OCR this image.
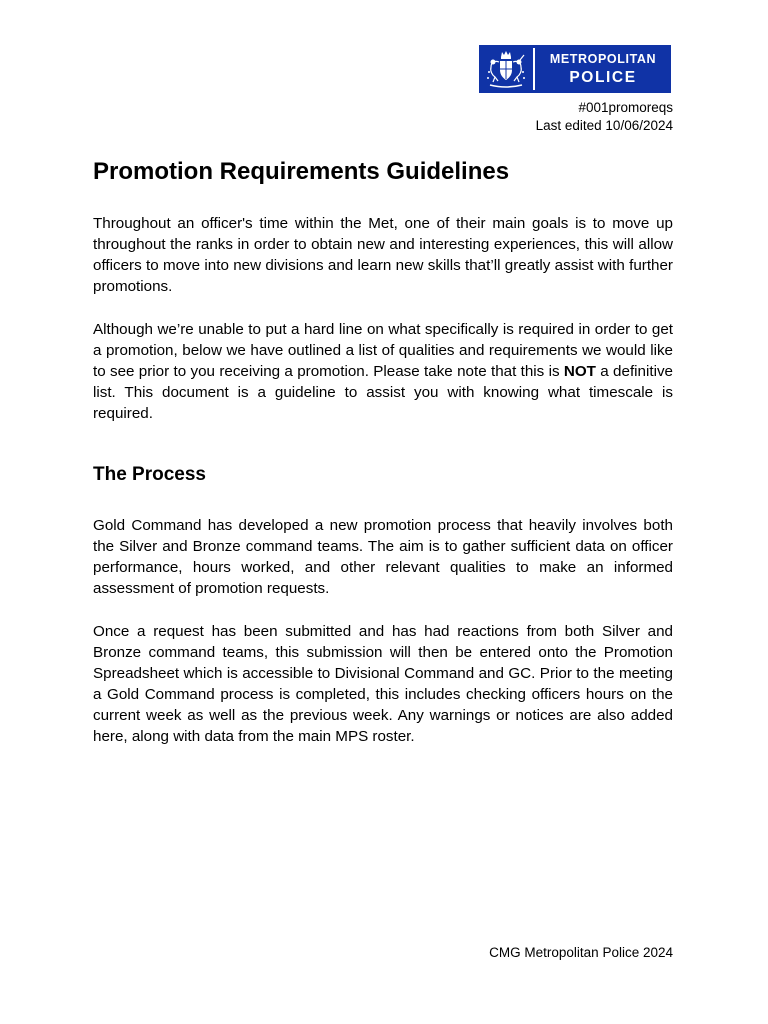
METROPOLITAN
POLICE
#001promoreqs
Last edited 10/06/2024
Promotion Requirements Guidelines

Throughout an officer's time within the Met, one of their main goals is to move up throughout the ranks in order to obtain new and interesting experiences, this will allow officers to move into new divisions and learn new skills that’ll greatly assist with further promotions.

Although we’re unable to put a hard line on what specifically is required in order to get a promotion, below we have outlined a list of qualities and requirements we would like to see prior to you receiving a promotion. Please take note that this is NOT a definitive list. This document is a guideline to assist you with knowing what timescale is required.

The Process

Gold Command has developed a new promotion process that heavily involves both the Silver and Bronze command teams. The aim is to gather sufficient data on officer performance, hours worked, and other relevant qualities to make an informed assessment of promotion requests.

Once a request has been submitted and has had reactions from both Silver and Bronze command teams, this submission will then be entered onto the Promotion Spreadsheet which is accessible to Divisional Command and GC. Prior to the meeting a Gold Command process is completed, this includes checking officers hours on the current week as well as the previous week. Any warnings or notices are also added here, along with data from the main MPS roster.

CMG Metropolitan Police 2024
